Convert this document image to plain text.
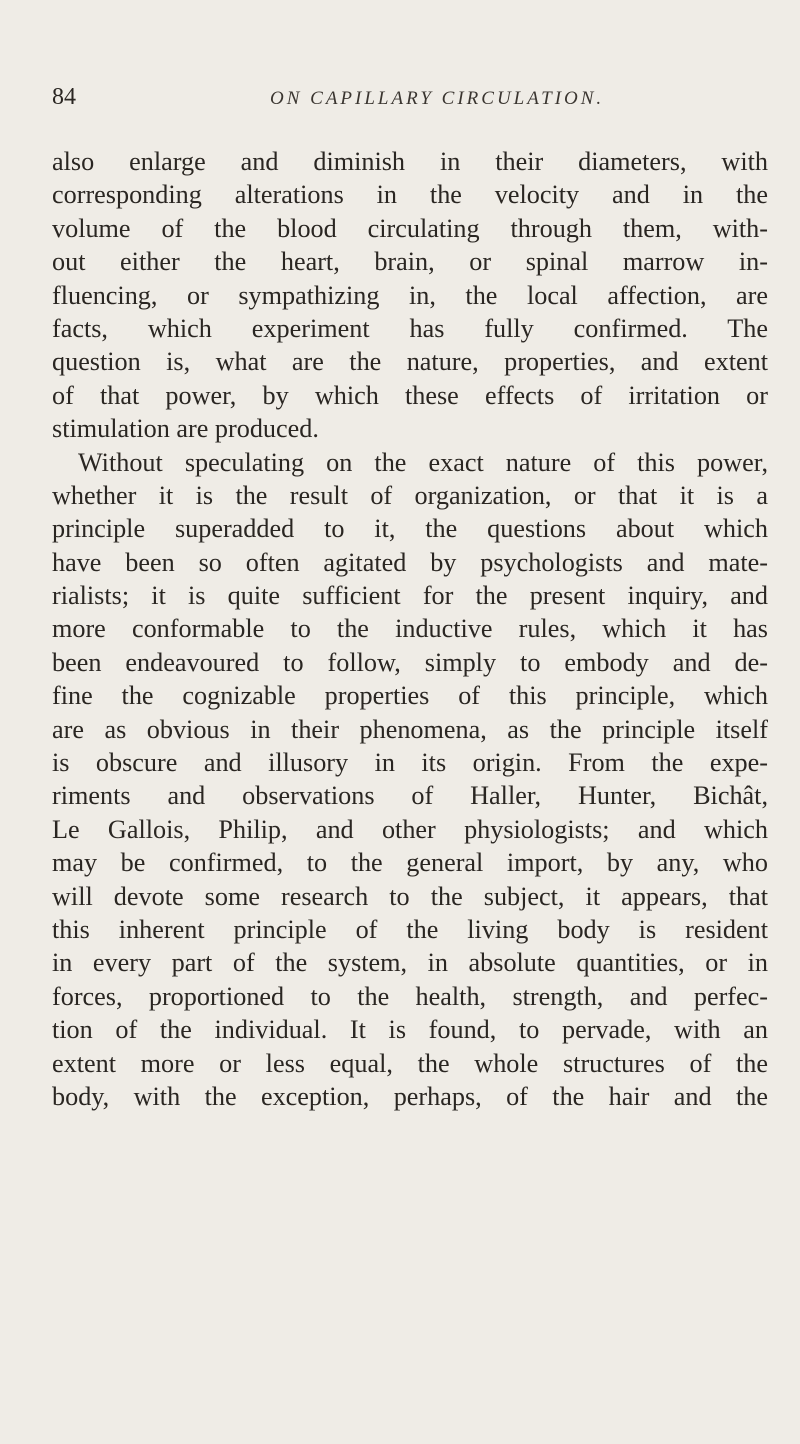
84	ON CAPILLARY CIRCULATION.
also enlarge and diminish in their diameters, with
corresponding alterations in the velocity and in the
volume of the blood circulating through them, with-
out either the heart, brain, or spinal marrow in-
fluencing, or sympathizing in, the local affection, are
facts, which experiment has fully confirmed. The
question is, what are the nature, properties, and extent
of that power, by which these effects of irritation or
stimulation are produced.
Without speculating on the exact nature of this power,
whether it is the result of organization, or that it is a
principle superadded to it, the questions about which
have been so often agitated by psychologists and mate-
rialists; it is quite sufficient for the present inquiry, and
more conformable to the inductive rules, which it has
been endeavoured to follow, simply to embody and de-
fine the cognizable properties of this principle, which
are as obvious in their phenomena, as the principle itself
is obscure and illusory in its origin. From the expe-
riments and observations of Haller, Hunter, Bichât,
Le Gallois, Philip, and other physiologists; and which
may be confirmed, to the general import, by any, who
will devote some research to the subject, it appears, that
this inherent principle of the living body is resident
in every part of the system, in absolute quantities, or in
forces, proportioned to the health, strength, and perfec-
tion of the individual. It is found, to pervade, with an
extent more or less equal, the whole structures of the
body, with the exception, perhaps, of the hair and the
